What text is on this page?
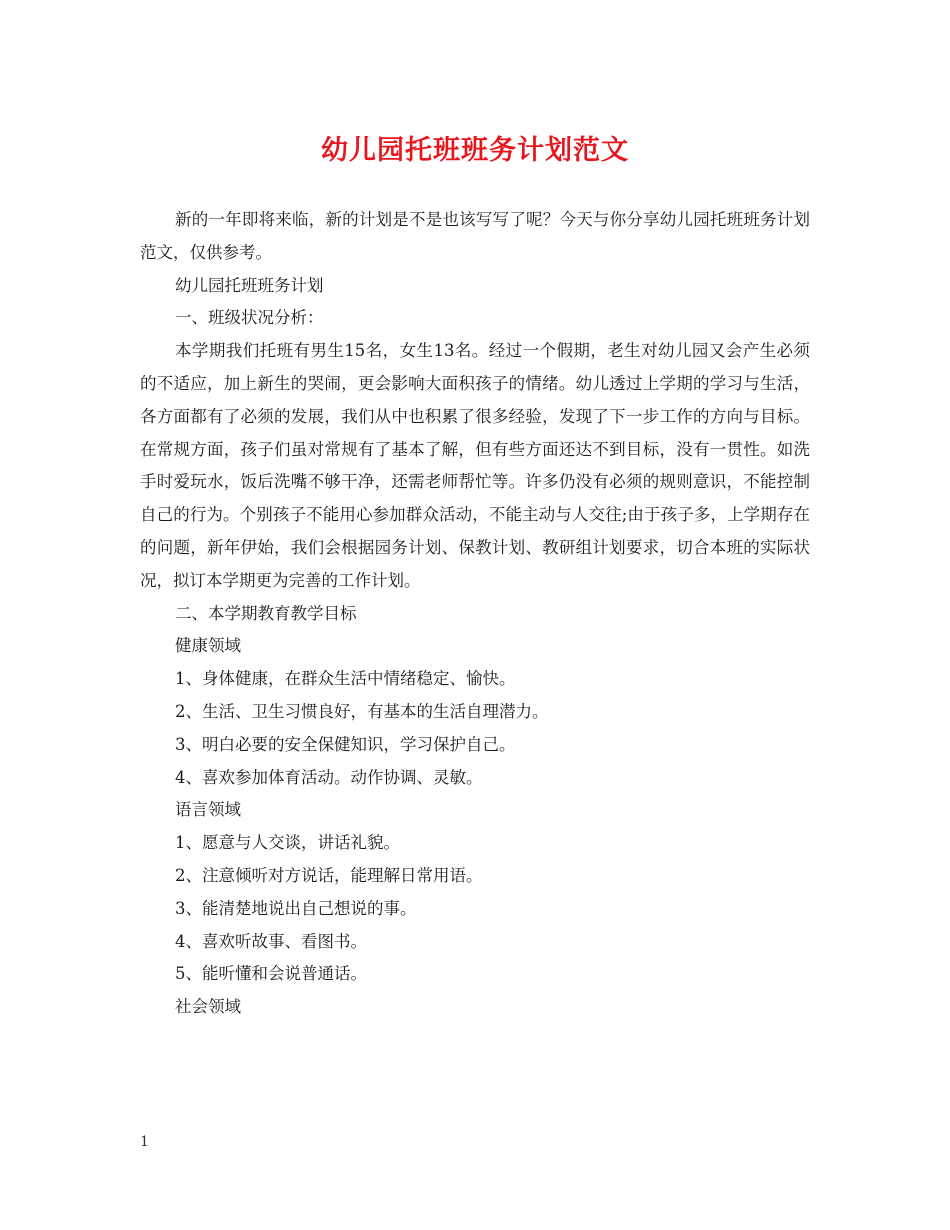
幼儿园托班班务计划范文

新的一年即将来临，新的计划是不是也该写写了呢？今天与你分享幼儿园托班班务计划范文，仅供参考。

幼儿园托班班务计划

一、班级状况分析：

本学期我们托班有男生15名，女生13名。经过一个假期，老生对幼儿园又会产生必须的不适应，加上新生的哭闹，更会影响大面积孩子的情绪。幼儿透过上学期的学习与生活，各方面都有了必须的发展，我们从中也积累了很多经验，发现了下一步工作的方向与目标。在常规方面，孩子们虽对常规有了基本了解，但有些方面还达不到目标，没有一贯性。如洗手时爱玩水，饭后洗嘴不够干净，还需老师帮忙等。许多仍没有必须的规则意识，不能控制自己的行为。个别孩子不能用心参加群众活动，不能主动与人交往;由于孩子多，上学期存在的问题，新年伊始，我们会根据园务计划、保教计划、教研组计划要求，切合本班的实际状况，拟订本学期更为完善的工作计划。

二、本学期教育教学目标

健康领域

1、身体健康，在群众生活中情绪稳定、愉快。

2、生活、卫生习惯良好，有基本的生活自理潜力。

3、明白必要的安全保健知识，学习保护自己。

4、喜欢参加体育活动。动作协调、灵敏。

语言领域

1、愿意与人交谈，讲话礼貌。

2、注意倾听对方说话，能理解日常用语。

3、能清楚地说出自己想说的事。

4、喜欢听故事、看图书。

5、能听懂和会说普通话。

社会领域

1
